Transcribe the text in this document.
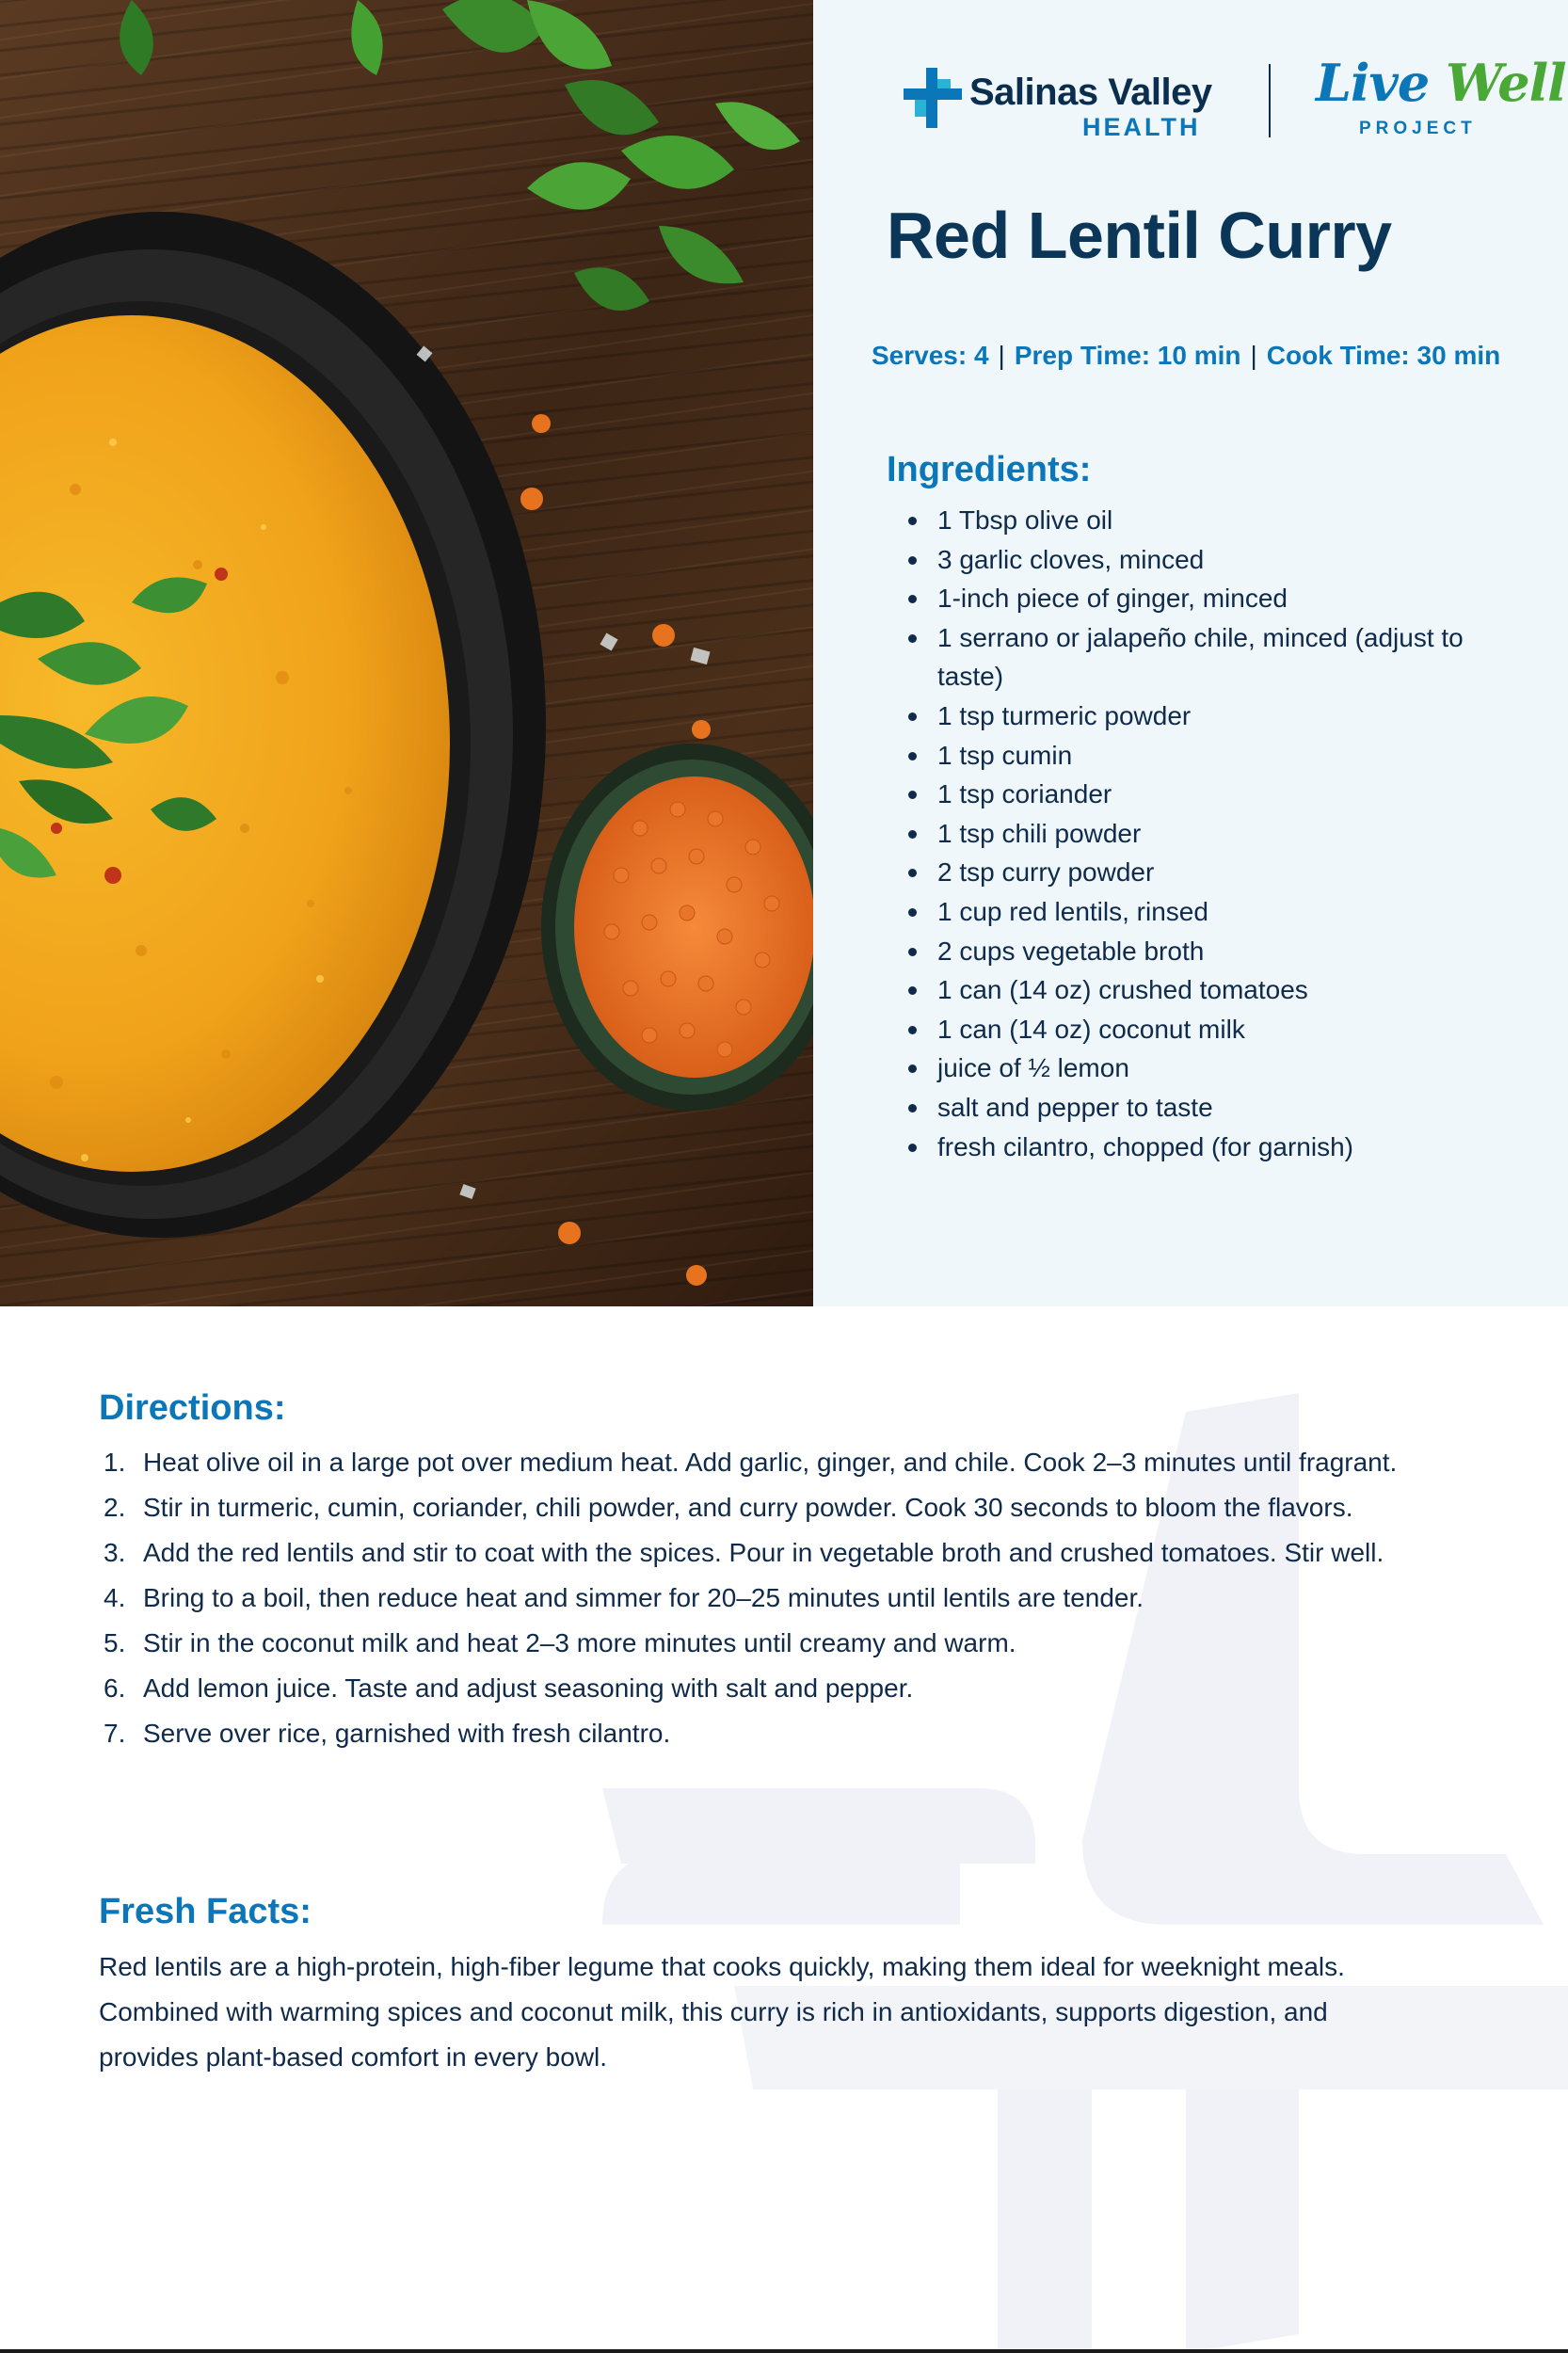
Salinas Valley
HEALTH
Live Well
PROJECT
Red Lentil Curry
Serves: 4 | Prep Time: 10 min | Cook Time: 30 min
Ingredients:
1 Tbsp olive oil
3 garlic cloves, minced
1-inch piece of ginger, minced
1 serrano or jalapeño chile, minced (adjust to taste)
1 tsp turmeric powder
1 tsp cumin
1 tsp coriander
1 tsp chili powder
2 tsp curry powder
1 cup red lentils, rinsed
2 cups vegetable broth
1 can (14 oz) crushed tomatoes
1 can (14 oz) coconut milk
juice of ½ lemon
salt and pepper to taste
fresh cilantro, chopped (for garnish)
Directions:
1. Heat olive oil in a large pot over medium heat. Add garlic, ginger, and chile. Cook 2–3 minutes until fragrant.
2. Stir in turmeric, cumin, coriander, chili powder, and curry powder. Cook 30 seconds to bloom the flavors.
3. Add the red lentils and stir to coat with the spices. Pour in vegetable broth and crushed tomatoes. Stir well.
4. Bring to a boil, then reduce heat and simmer for 20–25 minutes until lentils are tender.
5. Stir in the coconut milk and heat 2–3 more minutes until creamy and warm.
6. Add lemon juice. Taste and adjust seasoning with salt and pepper.
7. Serve over rice, garnished with fresh cilantro.
Fresh Facts:

Red lentils are a high-protein, high-fiber legume that cooks quickly, making them ideal for weeknight meals. Combined with warming spices and coconut milk, this curry is rich in antioxidants, supports digestion, and provides plant-based comfort in every bowl.
